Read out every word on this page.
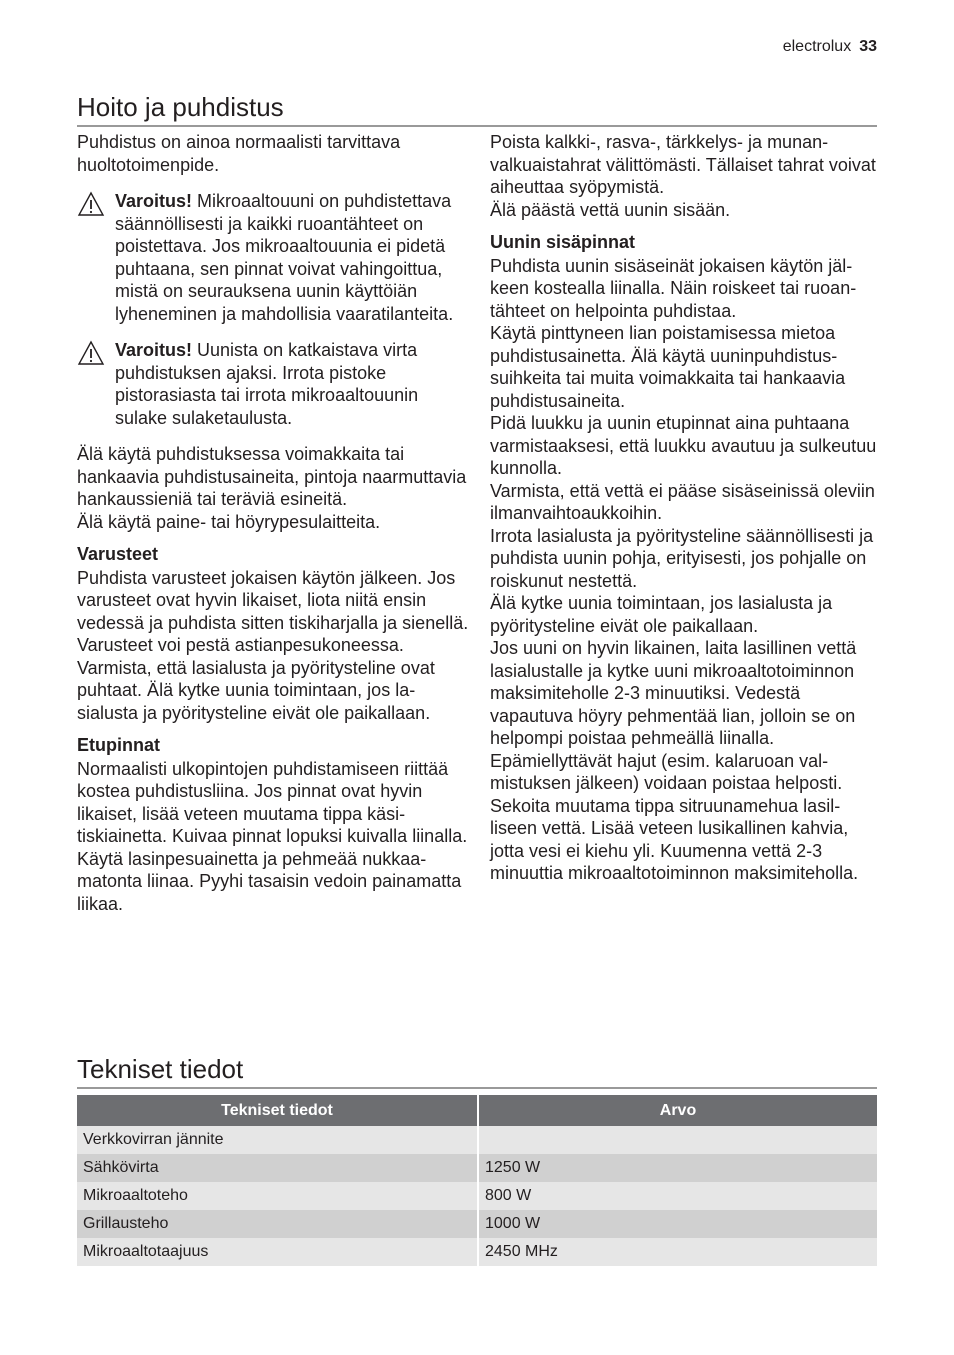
electrolux 33
Hoito ja puhdistus

Puhdistus on ainoa normaalisti tarvittava huoltotoimenpide.

Varoitus! Mikroaaltouuni on puhdistettava säännöllisesti ja kaikki ruoantähteet on poistettava. Jos mikroaaltouunia ei pidetä puhtaana, sen pinnat voivat vahingoittua, mistä on seurauksena uunin käyttöiän lyheneminen ja mahdollisia vaaratilanteita.
Varoitus! Uunista on katkaistava virta puhdistuksen ajaksi. Irrota pistoke pistorasiasta tai irrota mikroaaltouunin sulake sulaketaulusta.

Älä käytä puhdistuksessa voimakkaita tai hankaavia puhdistusaineita, pintoja naarmuttavia hankaussieniä tai teräviä esineitä.

Älä käytä paine- tai höyrypesulaitteita.

Varusteet

Puhdista varusteet jokaisen käytön jälkeen. Jos varusteet ovat hyvin likaiset, liota niitä ensin vedessä ja puhdista sitten tiskiharjalla ja sienellä. Varusteet voi pestä astianpesukoneessa.

Varmista, että lasialusta ja pyöritysteline ovat puhtaat. Älä kytke uunia toimintaan, jos lasialusta ja pyöritysteline eivät ole paikallaan.

Etupinnat

Normaalisti ulkopintojen puhdistamiseen riittää kostea puhdistusliina. Jos pinnat ovat hyvin likaiset, lisää veteen muutama tippa käsitiskiainetta. Kuivaa pinnat lopuksi kuivalla liinalla.

Käytä lasinpesuainetta ja pehmeää nukkaamatonta liinaa. Pyyhi tasaisin vedoin painamatta liikaa.

Poista kalkki-, rasva-, tärkkelys- ja munanvalkuaistahrat välittömästi. Tällaiset tahrat voivat aiheuttaa syöpymistä.

Älä päästä vettä uunin sisään.

Uunin sisäpinnat

Puhdista uunin sisäseinät jokaisen käytön jälkeen kostealla liinalla. Näin roiskeet tai ruoantähteet on helpointa puhdistaa.

Käytä pinttyneen lian poistamisessa mietoa puhdistusainetta. Älä käytä uuninpuhdistussuihkeita tai muita voimakkaita tai hankaavia puhdistusaineita.

Pidä luukku ja uunin etupinnat aina puhtaana varmistaaksesi, että luukku avautuu ja sulkeutuu kunnolla.

Varmista, että vettä ei pääse sisäseinissä oleviin ilmanvaihtoaukkoihin.

Irrota lasialusta ja pyöritysteline säännöllisesti ja puhdista uunin pohja, erityisesti, jos pohjalle on roiskunut nestettä.

Älä kytke uunia toimintaan, jos lasialusta ja pyöritysteline eivät ole paikallaan.

Jos uuni on hyvin likainen, laita lasillinen vettä lasialustalle ja kytke uuni mikroaaltotoiminnon maksimiteholle 2-3 minuutiksi. Vedestä vapautuva höyry pehmentää lian, jolloin se on helpompi poistaa pehmeällä liinalla.

Epämiellyttävät hajut (esim. kalaruoan valmistuksen jälkeen) voidaan poistaa helposti. Sekoita muutama tippa sitruunamehua lasilliseen vettä. Lisää veteen lusikallinen kahvia, jotta vesi ei kiehu yli. Kuumenna vettä 2-3 minuuttia mikroaaltotoiminnon maksimiteholla.

Tekniset tiedot
Tekniset tiedot	Arvo
Verkkovirran jännite	
Sähkövirta	1250 W
Mikroaaltoteho	800 W
Grillausteho	1000 W
Mikroaaltotaajuus	2450 MHz
